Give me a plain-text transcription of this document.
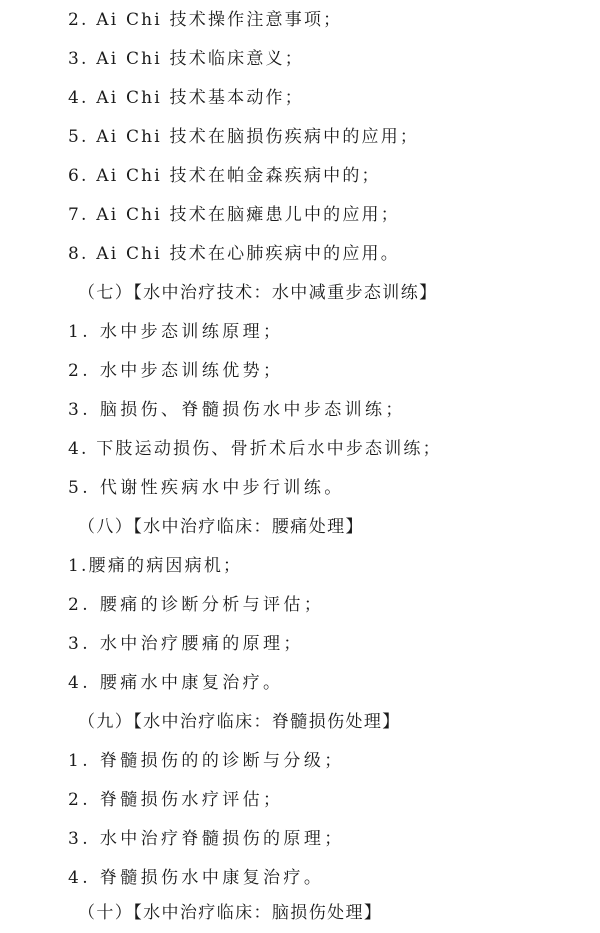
2. Ai Chi 技术操作注意事项；
3. Ai Chi 技术临床意义；
4. Ai Chi 技术基本动作；
5. Ai Chi 技术在脑损伤疾病中的应用；
6. Ai Chi 技术在帕金森疾病中的；
7. Ai Chi 技术在脑瘫患儿中的应用；
8. Ai Chi 技术在心肺疾病中的应用。
（七）【水中治疗技术：水中减重步态训练】
1. 水中步态训练原理；
2. 水中步态训练优势；
3. 脑损伤、脊髓损伤水中步态训练；
4. 下肢运动损伤、骨折术后水中步态训练；
5. 代谢性疾病水中步行训练。
（八）【水中治疗临床：腰痛处理】
1.腰痛的病因病机；
2. 腰痛的诊断分析与评估；
3. 水中治疗腰痛的原理；
4. 腰痛水中康复治疗。
（九）【水中治疗临床：脊髓损伤处理】
1. 脊髓损伤的的诊断与分级；
2. 脊髓损伤水疗评估；
3. 水中治疗脊髓损伤的原理；
4. 脊髓损伤水中康复治疗。
（十）【水中治疗临床：脑损伤处理】
